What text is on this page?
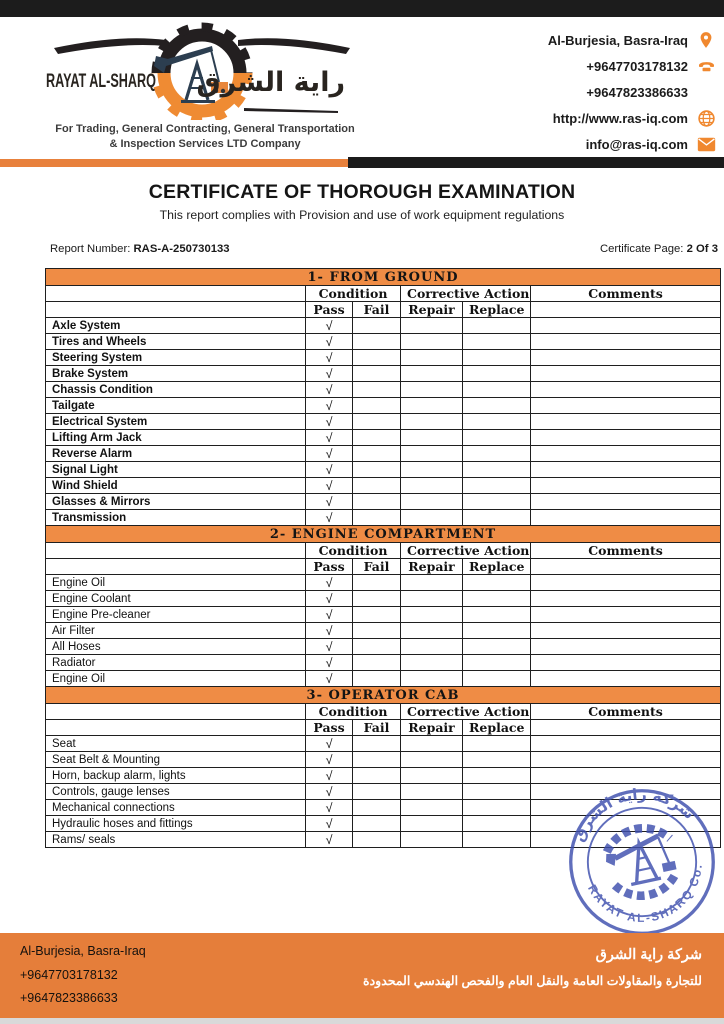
RAYAT AL-SHARQ راية الشرق
For Trading, General Contracting, General Transportation
& Inspection Services LTD Company
Al-Burjesia, Basra-Iraq
+9647703178132
+9647823386633
http://www.ras-iq.com
info@ras-iq.com
CERTIFICATE OF THOROUGH EXAMINATION
This report complies with Provision and use of work equipment regulations
Report Number: RAS-A-250730133	Certificate Page: 2 Of 3
1- FROM GROUND					
	Condition		Corrective Action		Comments
	Pass	Fail	Repair	Replace	
Axle System	√				
Tires and Wheels	√				
Steering System	√				
Brake System	√				
Chassis Condition	√				
Tailgate	√				
Electrical System	√				
Lifting Arm Jack	√				
Reverse Alarm	√				
Signal Light	√				
Wind Shield	√				
Glasses & Mirrors	√				
Transmission	√				
2- ENGINE COMPARTMENT					
	Condition		Corrective Action		Comments
	Pass	Fail	Repair	Replace	
Engine Oil	√				
Engine Coolant	√				
Engine Pre-cleaner	√				
Air Filter	√				
All Hoses	√				
Radiator	√				
Engine Oil	√				
3- OPERATOR CAB					
	Condition		Corrective Action		Comments
	Pass	Fail	Repair	Replace	
Seat	√				
Seat Belt & Mounting	√				
Horn, backup alarm, lights	√				
Controls, gauge lenses	√				
Mechanical connections	√				
Hydraulic hoses and fittings	√				
Rams/ seals	√					شركة راية الشرق
RAYAT AL-SHARQ Co.
Al-Burjesia, Basra-Iraq
+9647703178132
+9647823386633
شركة راية الشرق
للتجارة والمقاولات العامة والنقل العام والفحص الهندسي المحدودة
